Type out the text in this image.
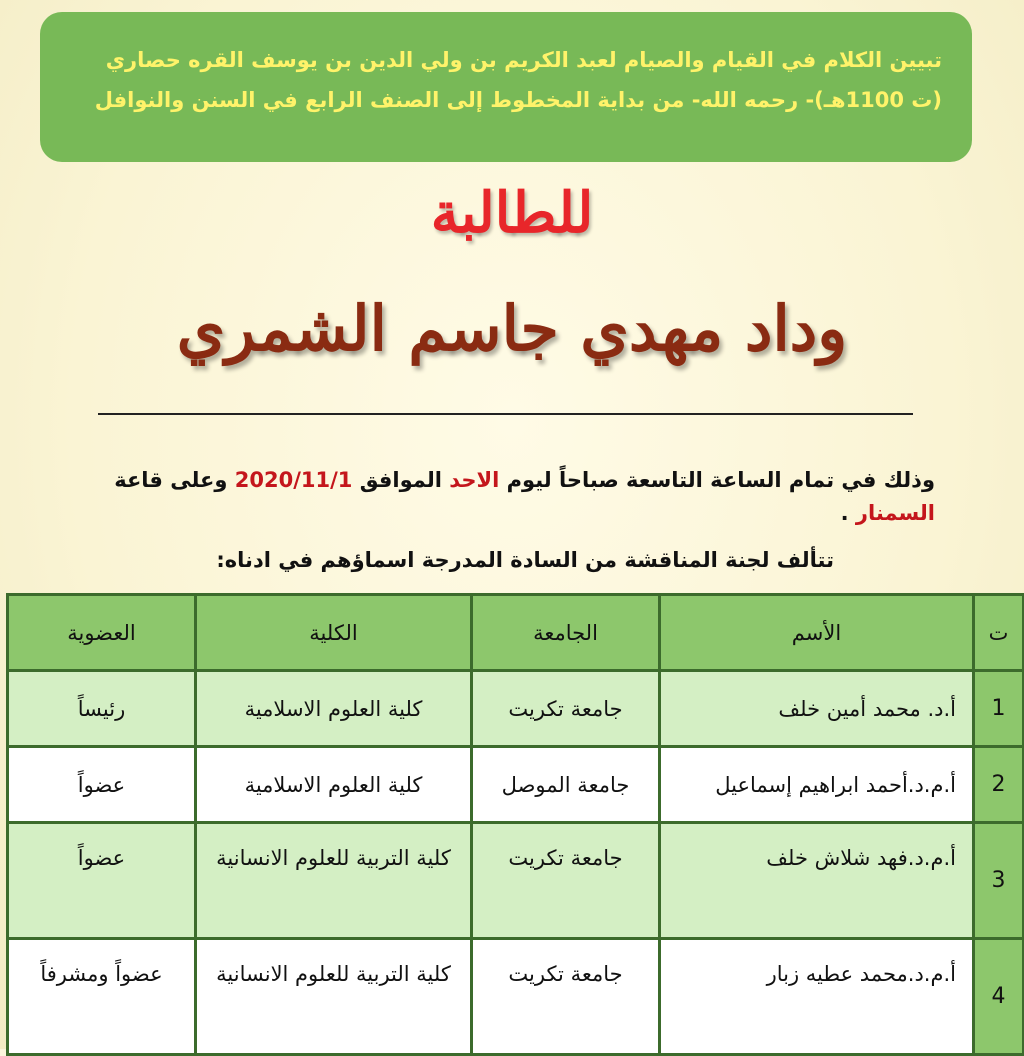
تبيين الكلام في القيام والصيام لعبد الكريم بن ولي الدين بن يوسف القره حصاري
(ت 1100هـ)- رحمه الله- من بداية المخطوط إلى الصنف الرابع في السنن والنوافل
للطالبة
وداد مهدي جاسم الشمري
وذلك في تمام الساعة التاسعة صباحاً ليوم الاحد الموافق 2020/11/1 وعلى قاعة السمنار .
تتألف لجنة المناقشة من السادة المدرجة اسماؤهم في ادناه:
ت	الأسم	الجامعة	الكلية	العضوية
1	أ.د. محمد أمين خلف	جامعة تكريت	كلية العلوم الاسلامية	رئيساً
2	أ.م.د.أحمد ابراهيم إسماعيل	جامعة الموصل	كلية العلوم الاسلامية	عضواً
3	أ.م.د.فهد شلاش خلف	جامعة تكريت	كلية التربية للعلوم الانسانية	عضواً
4	أ.م.د.محمد عطيه زبار	جامعة تكريت	كلية التربية للعلوم الانسانية	عضواً ومشرفاً
